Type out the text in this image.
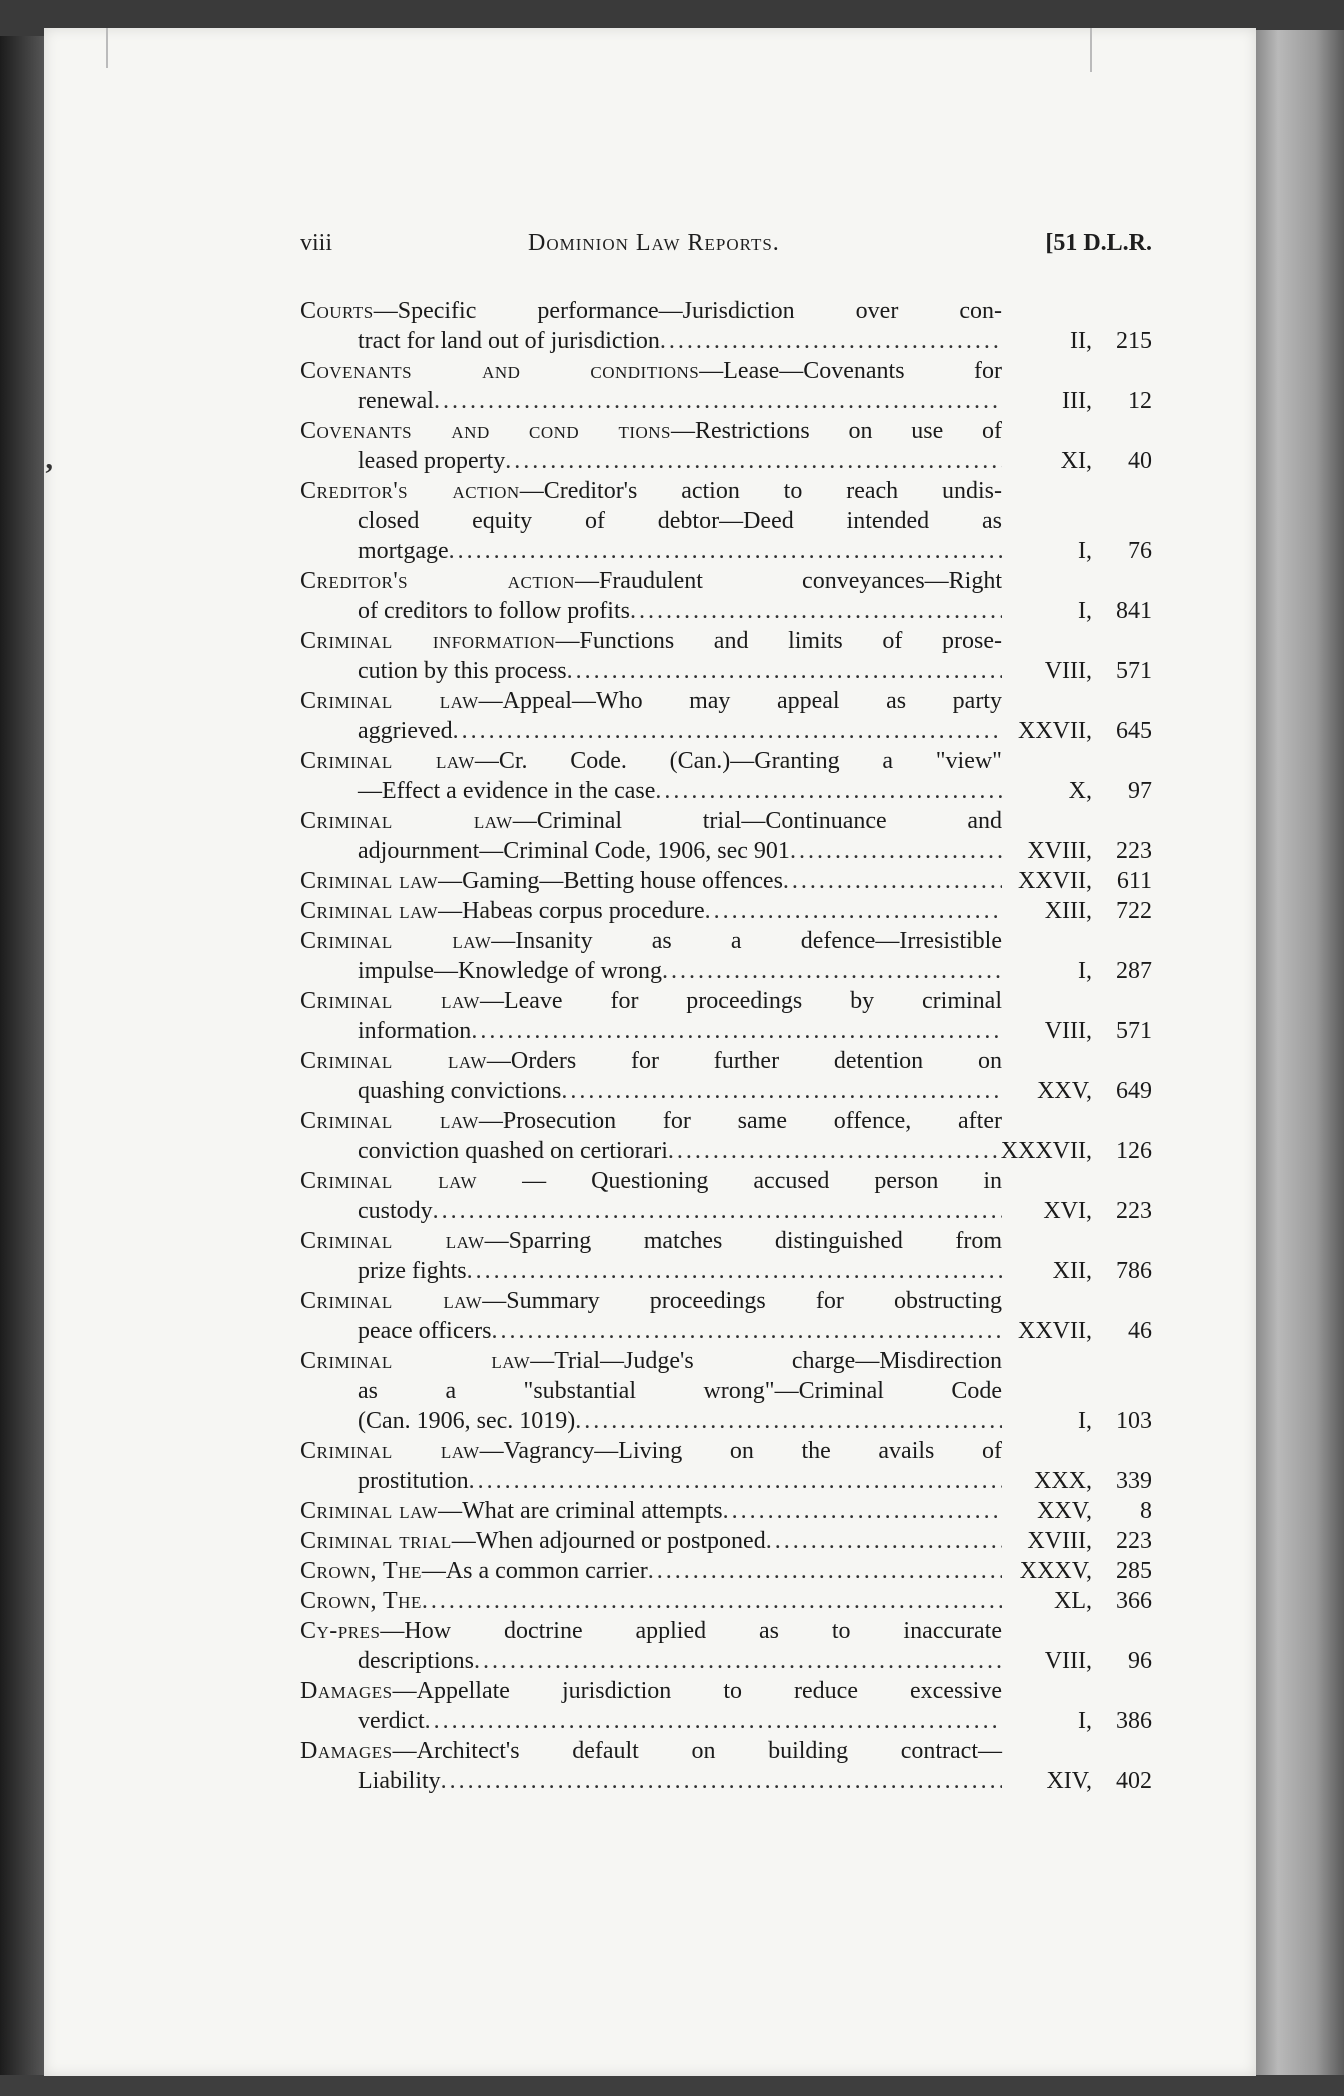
ʼ
viii	Dominion Law Reports.	[51 D.L.R.
Courts—Specific performance—Jurisdiction over con-
tract for land out of jurisdiction .....	II,	215
Covenants and conditions—Lease—Covenants for
renewal .....	III,	12
Covenants and cond tions—Restrictions on use of
leased property .....	XI,	40
Creditor's action—Creditor's action to reach undis-
closed equity of debtor—Deed intended as
mortgage .....	I,	76
Creditor's action—Fraudulent conveyances—Right
of creditors to follow profits .....	I,	841
Criminal information—Functions and limits of prose-
cution by this process .....	VIII,	571
Criminal law—Appeal—Who may appeal as party
aggrieved .....	XXVII,	645
Criminal law—Cr. Code. (Can.)—Granting a "view"
—Effect a evidence in the case .....	X,	97
Criminal law—Criminal trial—Continuance and
adjournment—Criminal Code, 1906, sec 901 .....	XVIII,	223
Criminal law—Gaming—Betting house offences .....	XXVII,	611
Criminal law—Habeas corpus procedure .....	XIII,	722
Criminal law—Insanity as a defence—Irresistible
impulse—Knowledge of wrong .....	I,	287
Criminal law—Leave for proceedings by criminal
information .....	VIII,	571
Criminal law—Orders for further detention on
quashing convictions .....	XXV,	649
Criminal law—Prosecution for same offence, after
conviction quashed on certiorari .....	XXXVII,	126
Criminal law — Questioning accused person in
custody .....	XVI,	223
Criminal law—Sparring matches distinguished from
prize fights .....	XII,	786
Criminal law—Summary proceedings for obstructing
peace officers .....	XXVII,	46
Criminal law—Trial—Judge's charge—Misdirection
as a "substantial wrong"—Criminal Code
(Can. 1906, sec. 1019) .....	I,	103
Criminal law—Vagrancy—Living on the avails of
prostitution .....	XXX,	339
Criminal law—What are criminal attempts .....	XXV,	8
Criminal trial—When adjourned or postponed .....	XVIII,	223
Crown, The—As a common carrier .....	XXXV,	285
Crown, The .....	XL,	366
Cy-pres—How doctrine applied as to inaccurate
descriptions .....	VIII,	96
Damages—Appellate jurisdiction to reduce excessive
verdict .....	I,	386
Damages—Architect's default on building contract—
Liability .....	XIV,	402
